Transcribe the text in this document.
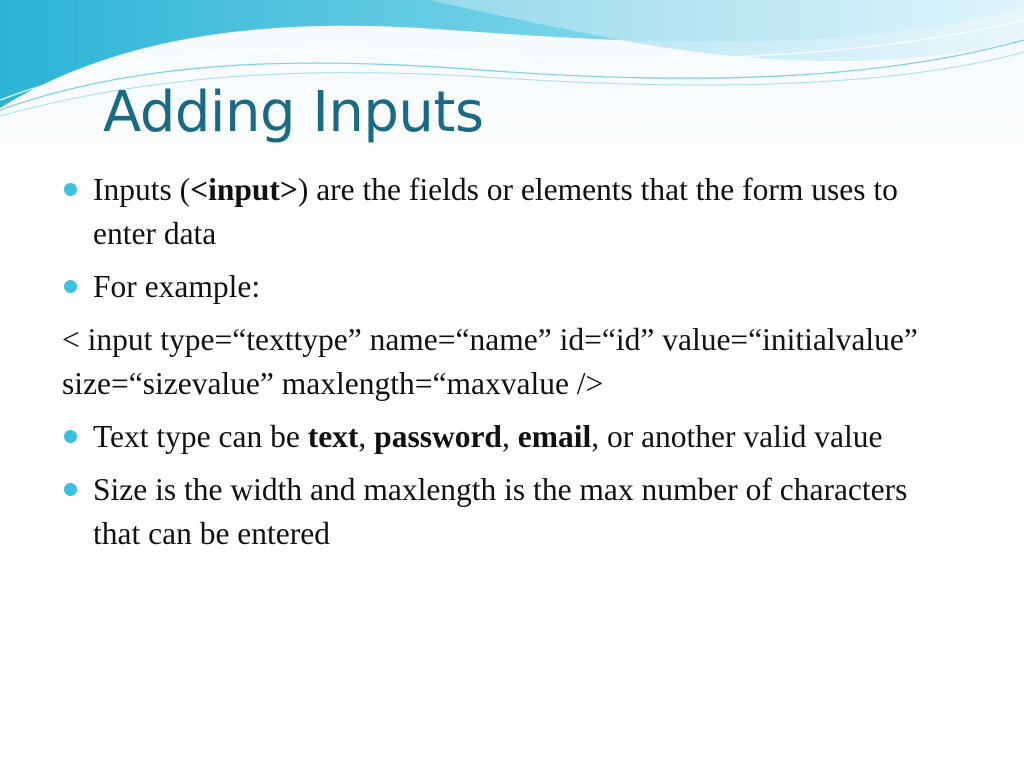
Adding Inputs
Inputs (<input>) are the fields or elements that the form uses to enter data
For example:
< input type=“texttype” name=“name” id=“id” value=“initialvalue” size=“sizevalue” maxlength=“maxvalue />
Text type can be text, password, email, or another valid value
Size is the width and maxlength is the max number of characters that can be entered
